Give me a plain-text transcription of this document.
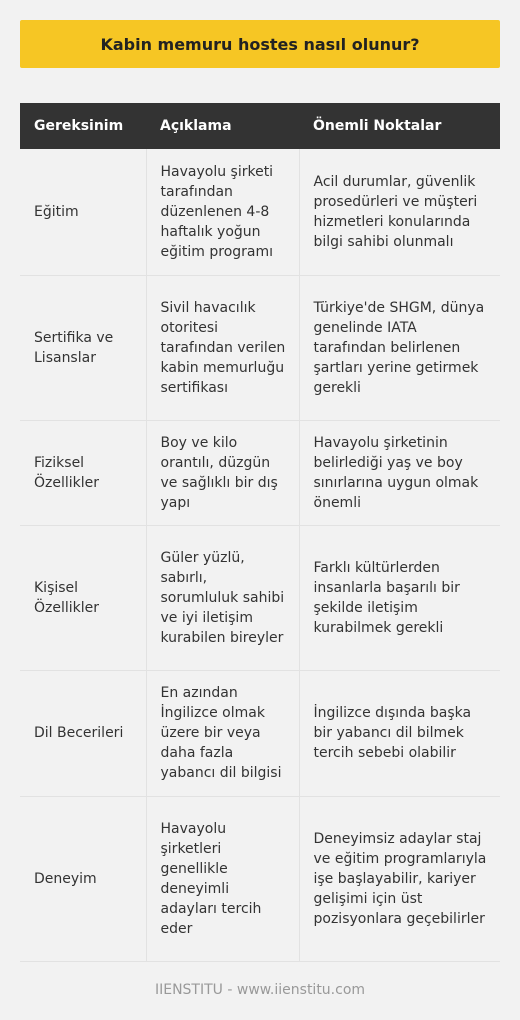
Kabin memuru hostes nasıl olunur?
Gereksinim	Açıklama	Önemli Noktalar
Eğitim	Havayolu şirketi tarafından düzenlenen 4-8 haftalık yoğun eğitim programı	Acil durumlar, güvenlik prosedürleri ve müşteri hizmetleri konularında bilgi sahibi olunmalı
Sertifika ve Lisanslar	Sivil havacılık otoritesi tarafından verilen kabin memurluğu sertifikası	Türkiye'de SHGM, dünya genelinde IATA tarafından belirlenen şartları yerine getirmek gerekli
Fiziksel Özellikler	Boy ve kilo orantılı, düzgün ve sağlıklı bir dış yapı	Havayolu şirketinin belirlediği yaş ve boy sınırlarına uygun olmak önemli
Kişisel Özellikler	Güler yüzlü, sabırlı, sorumluluk sahibi ve iyi iletişim kurabilen bireyler	Farklı kültürlerden insanlarla başarılı bir şekilde iletişim kurabilmek gerekli
Dil Becerileri	En azından İngilizce olmak üzere bir veya daha fazla yabancı dil bilgisi	İngilizce dışında başka bir yabancı dil bilmek tercih sebebi olabilir
Deneyim	Havayolu şirketleri genellikle deneyimli adayları tercih eder	Deneyimsiz adaylar staj ve eğitim programlarıyla işe başlayabilir, kariyer gelişimi için üst pozisyonlara geçebilirler
IIENSTITU - www.iienstitu.com
